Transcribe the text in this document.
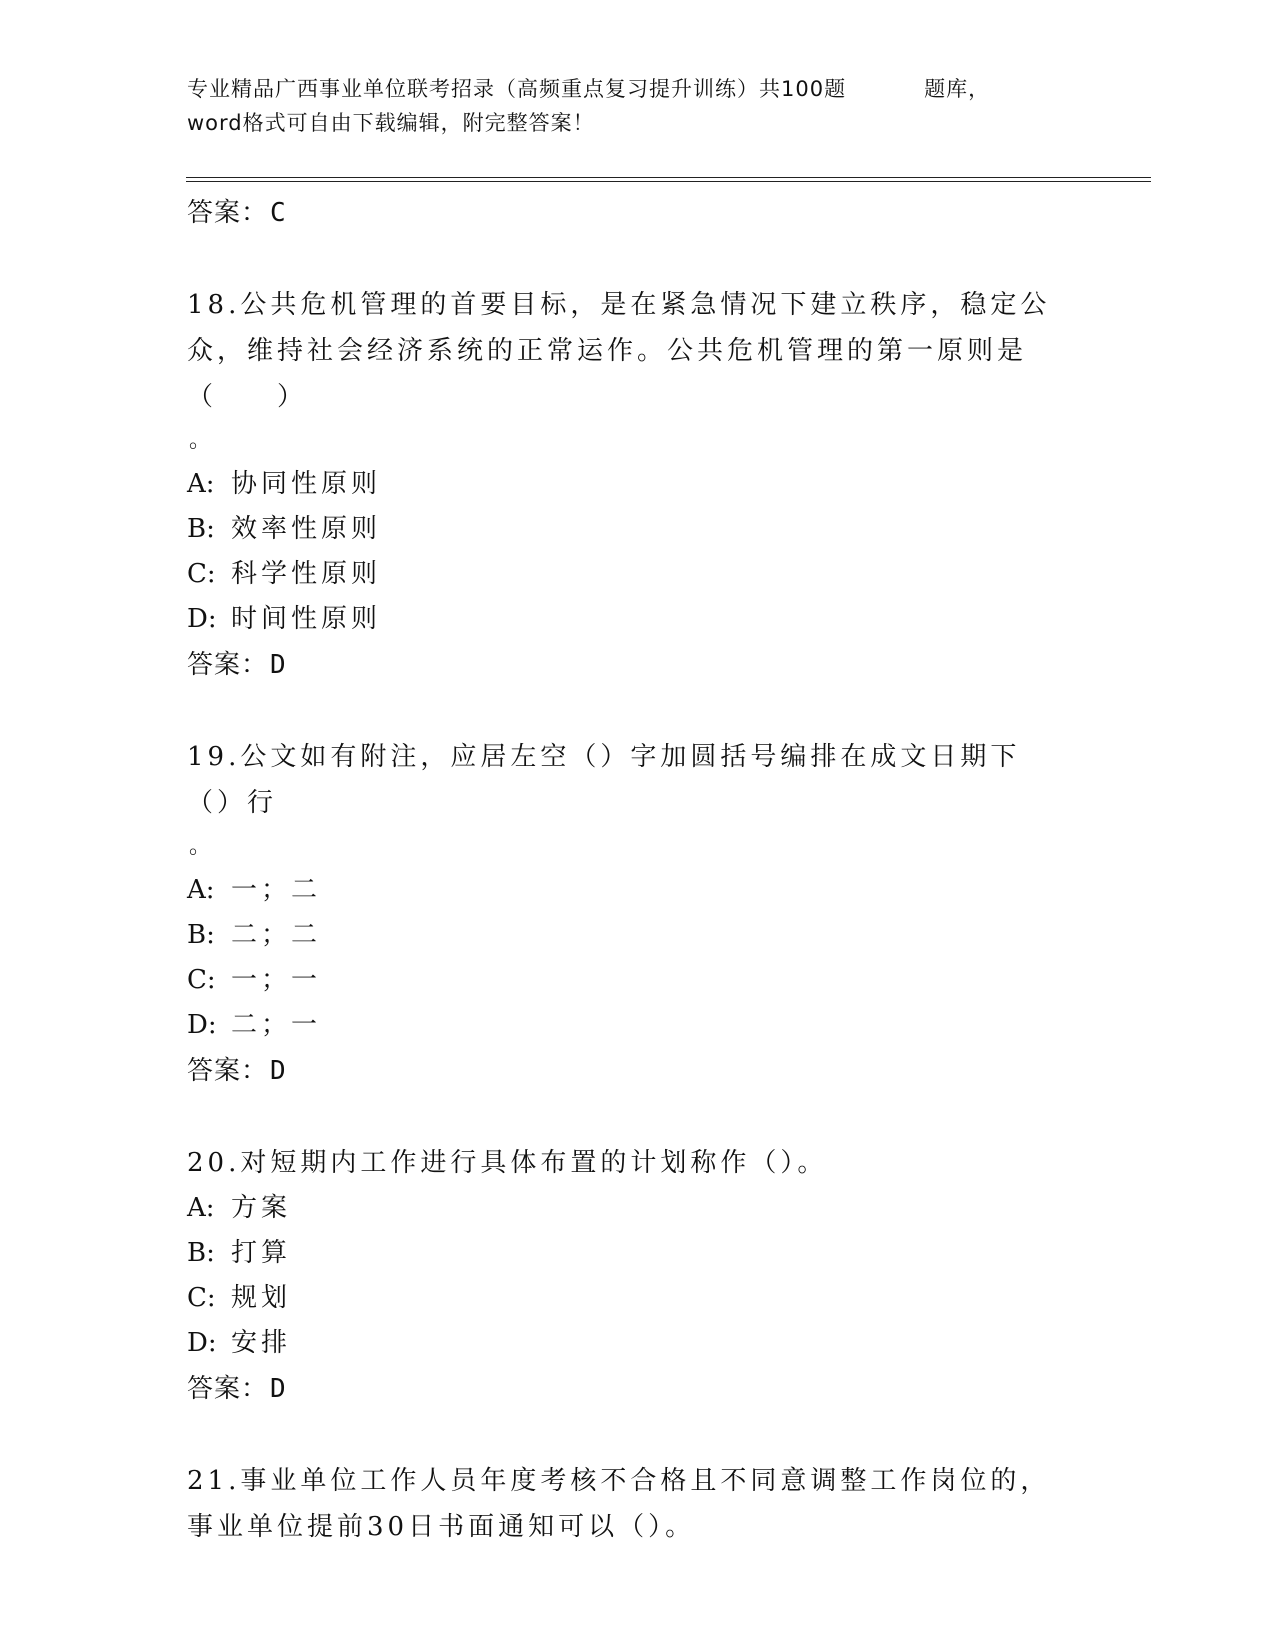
专业精品广西事业单位联考招录（高频重点复习提升训练）共100题	题库，
word格式可自由下载编辑，附完整答案！
答案：C

18.公共危机管理的首要目标，是在紧急情况下建立秩序，稳定公众，维持社会经济系统的正常运作。公共危机管理的第一原则是（　　）

。
A: 协同性原则
B: 效率性原则
C: 科学性原则
D: 时间性原则
答案：D

19.公文如有附注，应居左空（）字加圆括号编排在成文日期下（）行

。
A: 一；二
B: 二；二
C: 一；一
D: 二；一
答案：D

20.对短期内工作进行具体布置的计划称作（）。

A: 方案
B: 打算
C: 规划
D: 安排
答案：D

21.事业单位工作人员年度考核不合格且不同意调整工作岗位的，事业单位提前30日书面通知可以（）。
